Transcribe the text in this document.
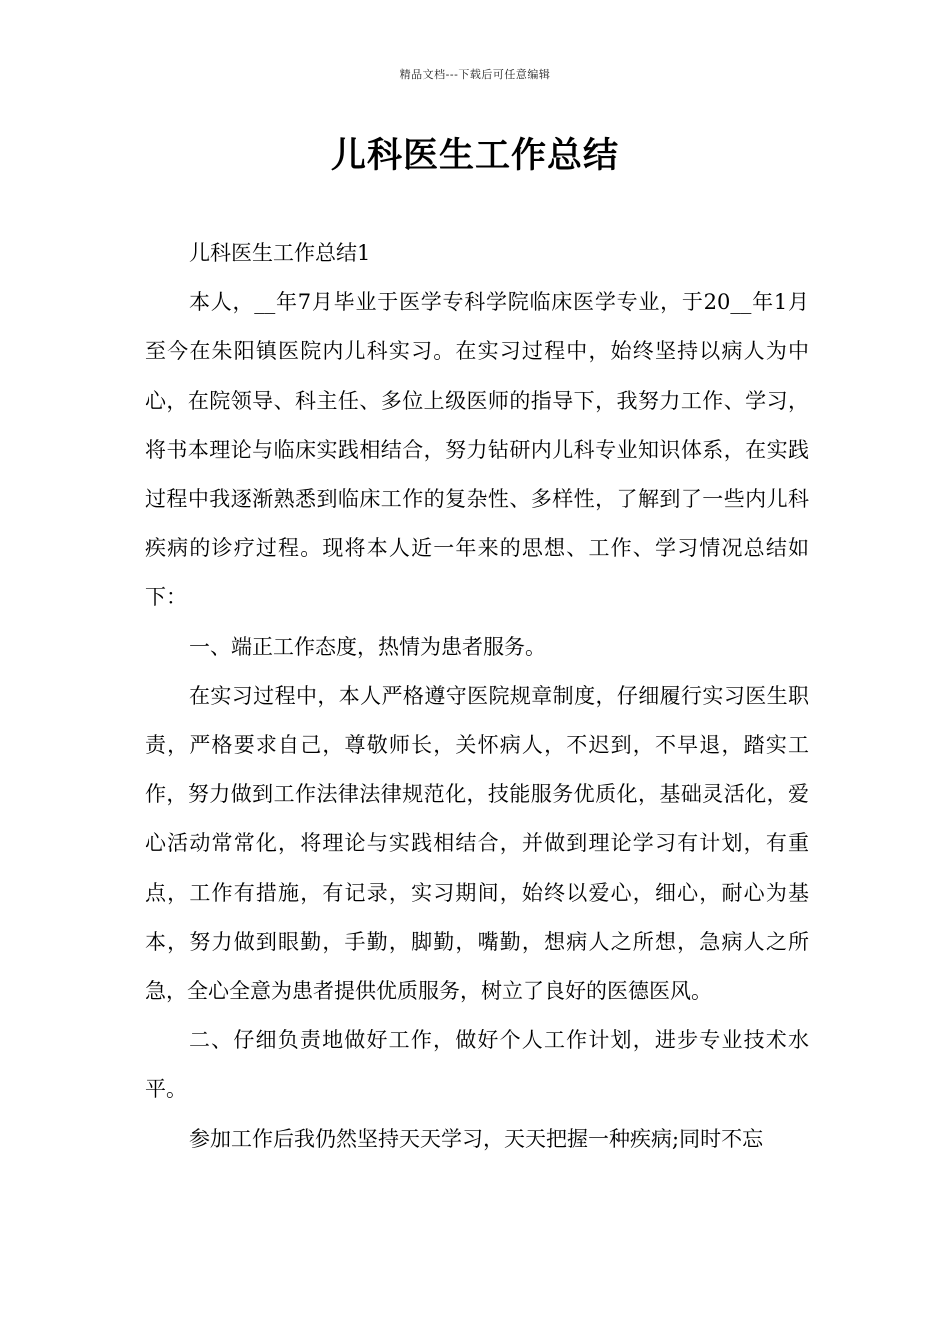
精品文档---下载后可任意编辑
儿科医生工作总结

儿科医生工作总结1

本人，__年7月毕业于医学专科学院临床医学专业，于20__年1月至今在朱阳镇医院内儿科实习。在实习过程中，始终坚持以病人为中心，在院领导、科主任、多位上级医师的指导下，我努力工作、学习，将书本理论与临床实践相结合，努力钻研内儿科专业知识体系，在实践过程中我逐渐熟悉到临床工作的复杂性、多样性，了解到了一些内儿科疾病的诊疗过程。现将本人近一年来的思想、工作、学习情况总结如下：

一、端正工作态度，热情为患者服务。

在实习过程中，本人严格遵守医院规章制度，仔细履行实习医生职责，严格要求自己，尊敬师长，关怀病人，不迟到，不早退，踏实工作，努力做到工作法律法律规范化，技能服务优质化，基础灵活化，爱心活动常常化，将理论与实践相结合，并做到理论学习有计划，有重点，工作有措施，有记录，实习期间，始终以爱心，细心，耐心为基本，努力做到眼勤，手勤，脚勤，嘴勤，想病人之所想，急病人之所急，全心全意为患者提供优质服务，树立了良好的医德医风。

二、仔细负责地做好工作，做好个人工作计划，进步专业技术水平。

参加工作后我仍然坚持天天学习，天天把握一种疾病;同时不忘
